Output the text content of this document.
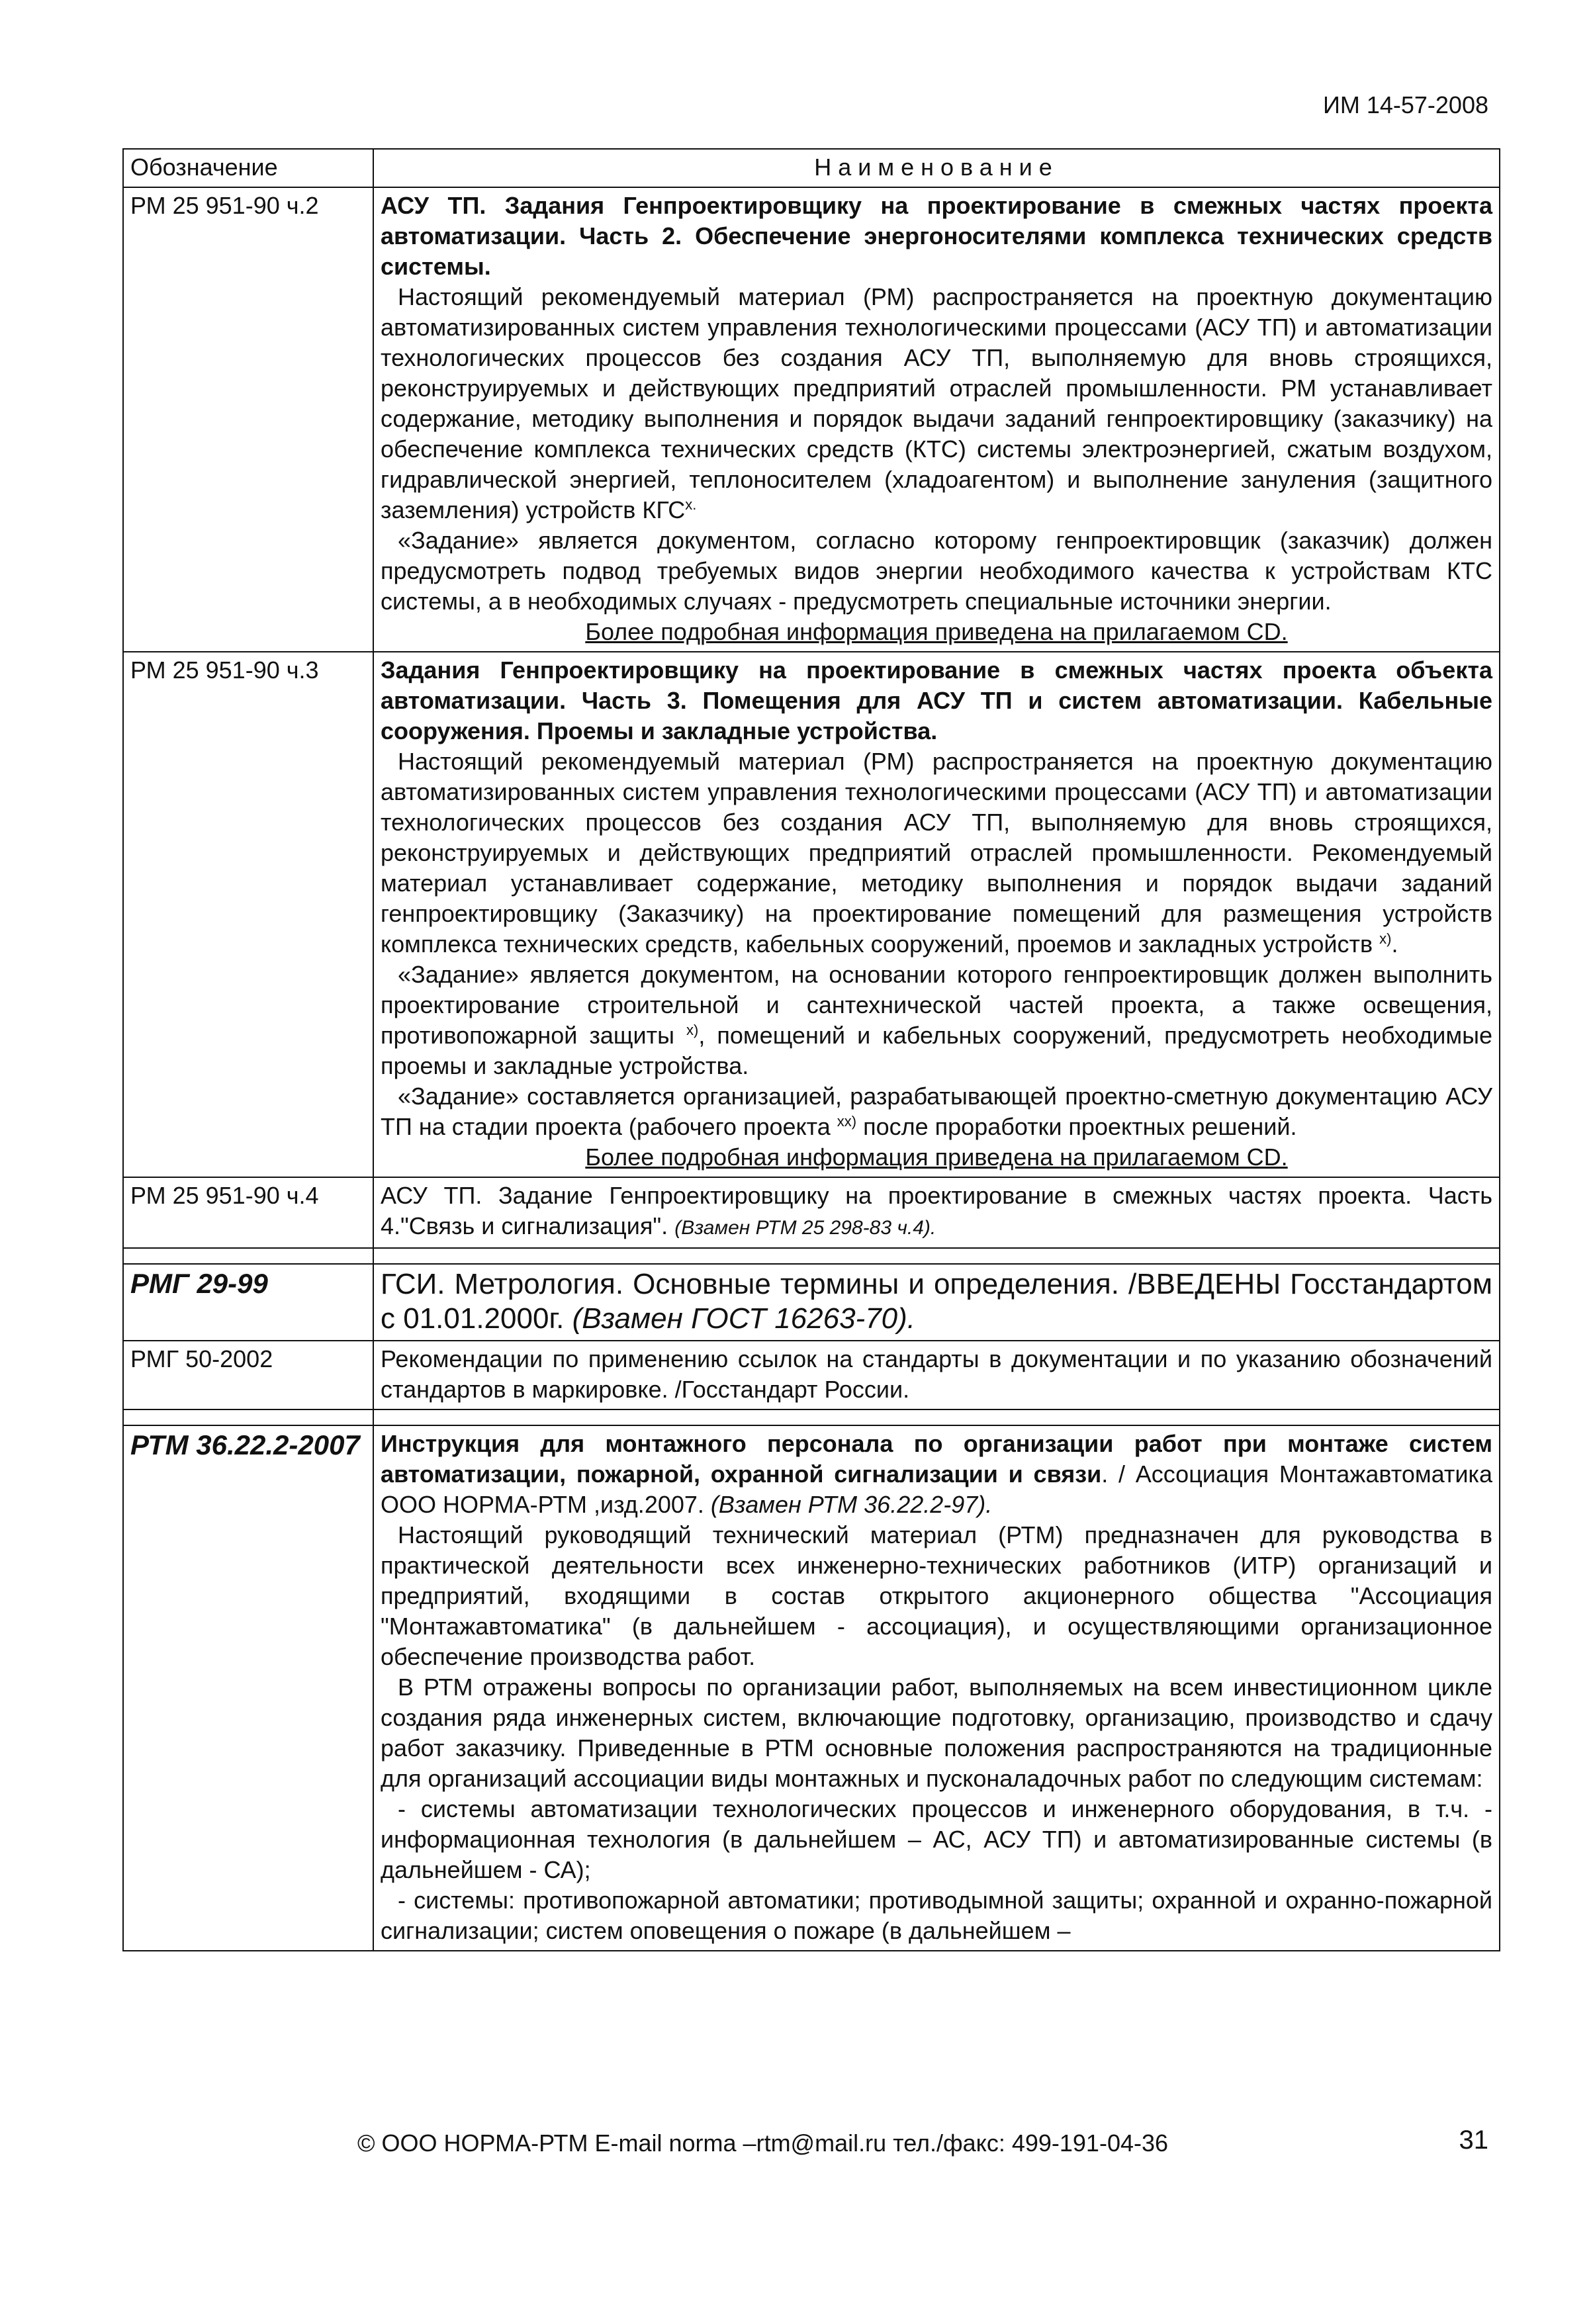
ИМ 14-57-2008
Обозначение	Наименование
РМ 25 951-90 ч.2	АСУ ТП. Задания Генпроектировщику на проектирование в смежных частях проекта автоматизации. Часть 2. Обеспечение энергоносителями комплекса технических средств системы.

Настоящий рекомендуемый материал (РМ) распространяется на проектную документацию автоматизированных систем управления технологическими процессами (АСУ ТП) и автоматизации технологических процессов без создания АСУ ТП, выполняемую для вновь строящихся, реконструируемых и действующих предприятий отраслей промышленности. РМ устанавливает содержание, методику выполнения и порядок выдачи заданий генпроектировщику (заказчику) на обеспечение комплекса технических средств (КТС) системы электроэнергией, сжатым воздухом, гидравлической энергией, теплоносителем (хладоагентом) и выполнение зануления (защитного заземления) устройств $КГС^{х.}$

«Задание» является документом, согласно которому генпроектировщик (заказчик) должен предусмотреть подвод требуемых видов энергии необходимого качества к устройствам КТС системы, а в необходимых случаях - предусмотреть специальные источники энергии.

Более подробная информация приведена на прилагаемом CD.

РМ 25 951-90 ч.3	Задания Генпроектировщику на проектирование в смежных частях проекта объекта автоматизации. Часть 3. Помещения для АСУ ТП и систем автоматизации. Кабельные сооружения. Проемы и закладные устройства.

Настоящий рекомендуемый материал (РМ) распространяется на проектную документацию автоматизированных систем управления технологическими процессами (АСУ ТП) и автоматизации технологических процессов без создания АСУ ТП, выполняемую для вновь строящихся, реконструируемых и действующих предприятий отраслей промышленности. Рекомендуемый материал устанавливает содержание, методику выполнения и порядок выдачи заданий генпроектировщику (Заказчику) на проектирование помещений для размещения устройств комплекса технических средств, кабельных сооружений, проемов и закладных устройств $^{х)}$.

«Задание» является документом, на основании которого генпроектировщик должен выполнить проектирование строительной и сантехнической частей проекта, а также освещения, противопожарной защиты $^{х)}$, помещений и кабельных сооружений, предусмотреть необходимые проемы и закладные устройства.

«Задание» составляется организацией, разрабатывающей проектно-сметную документацию АСУ ТП на стадии проекта (рабочего проекта $^{хх)}$ после проработки проектных решений.

Более подробная информация приведена на прилагаемом CD.

РМ 25 951-90 ч.4	АСУ ТП. Задание Генпроектировщику на проектирование в смежных частях проекта. Часть 4."Связь и сигнализация". (Взамен РТМ 25 298-83 ч.4).

РМГ 29-99	ГСИ. Метрология. Основные термины и определения. /ВВЕДЕНЫ Госстандартом с 01.01.2000г. (Взамен ГОСТ 16263-70).

РМГ 50-2002	Рекомендации по применению ссылок на стандарты в документации и по указанию обозначений стандартов в маркировке. /Госстандарт России.

РТМ 36.22.2-2007	Инструкция для монтажного персонала по организации работ при монтаже систем автоматизации, пожарной, охранной сигнализации и связи. / Ассоциация Монтажавтоматика ООО НОРМА-РТМ ,изд.2007. (Взамен РТМ 36.22.2-97).

Настоящий руководящий технический материал (РТМ) предназначен для руководства в практической деятельности всех инженерно-технических работников (ИТР) организаций и предприятий, входящими в состав открытого акционерного общества "Ассоциация "Монтажавтоматика" (в дальнейшем - ассоциация), и осуществляющими организационное обеспечение производства работ.

В РТМ отражены вопросы по организации работ, выполняемых на всем инвестиционном цикле создания ряда инженерных систем, включающие подготовку, организацию, производство и сдачу работ заказчику. Приведенные в РТМ основные положения распространяются на традиционные для организаций ассоциации виды монтажных и пусконаладочных работ по следующим системам:

- системы автоматизации технологических процессов и инженерного оборудования, в т.ч. - информационная технология (в дальнейшем – АС, АСУ ТП) и автоматизированные системы (в дальнейшем - СА);

- системы: противопожарной автоматики; противодымной защиты; охранной и охранно-пожарной сигнализации; систем оповещения о пожаре (в дальнейшем –

© ООО НОРМА-РТМ E-mail norma –rtm@mail.ru тел./факс: 499-191-04-36	31
